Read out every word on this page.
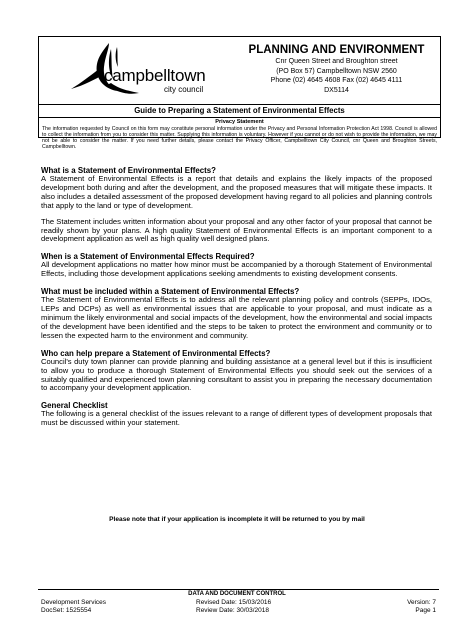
campbelltown
city council
PLANNING AND ENVIRONMENT
Cnr Queen Street and Broughton street
(PO Box 57) Campbelltown NSW 2560
Phone (02) 4645 4608 Fax (02) 4645 4111
DX5114
Guide to Preparing a Statement of Environmental Effects
Privacy Statement
The information requested by Council on this form may constitute personal information under the Privacy and Personal Information Protection Act 1998. Council is allowed to collect the information from you to consider this matter. Supplying this information is voluntary. However if you cannot or do not wish to provide the information, we may not be able to consider the matter. If you need further details, please contact the Privacy Officer, Campbelltown City Council, cnr Queen and Broughton Streets, Campbelltown.

What is a Statement of Environmental Effects?

A Statement of Environmental Effects is a report that details and explains the likely impacts of the proposed development both during and after the development, and the proposed measures that will mitigate these impacts. It also includes a detailed assessment of the proposed development having regard to all policies and planning controls that apply to the land or type of development.

The Statement includes written information about your proposal and any other factor of your proposal that cannot be readily shown by your plans. A high quality Statement of Environmental Effects is an important component to a development application as well as high quality well designed plans.

When is a Statement of Environmental Effects Required?

All development applications no matter how minor must be accompanied by a thorough Statement of Environmental Effects, including those development applications seeking amendments to existing development consents.

What must be included within a Statement of Environmental Effects?

The Statement of Environmental Effects is to address all the relevant planning policy and controls (SEPPs, IDOs, LEPs and DCPs) as well as environmental issues that are applicable to your proposal, and must indicate as a minimum the likely environmental and social impacts of the development, how the environmental and social impacts of the development have been identified and the steps to be taken to protect the environment and community or to lessen the expected harm to the environment and community.

Who can help prepare a Statement of Environmental Effects?

Council's duty town planner can provide planning and building assistance at a general level but if this is insufficient to allow you to produce a thorough Statement of Environmental Effects you should seek out the services of a suitably qualified and experienced town planning consultant to assist you in preparing the necessary documentation to accompany your development application.

General Checklist

The following is a general checklist of the issues relevant to a range of different types of development proposals that must be discussed within your statement.

Please note that if your application is incomplete it will be returned to you by mail
DATA AND DOCUMENT CONTROL
Development Services
DocSet: 1525554
Revised Date: 15/03/2016
Review Date: 30/03/2018
Version: 7
Page 1
